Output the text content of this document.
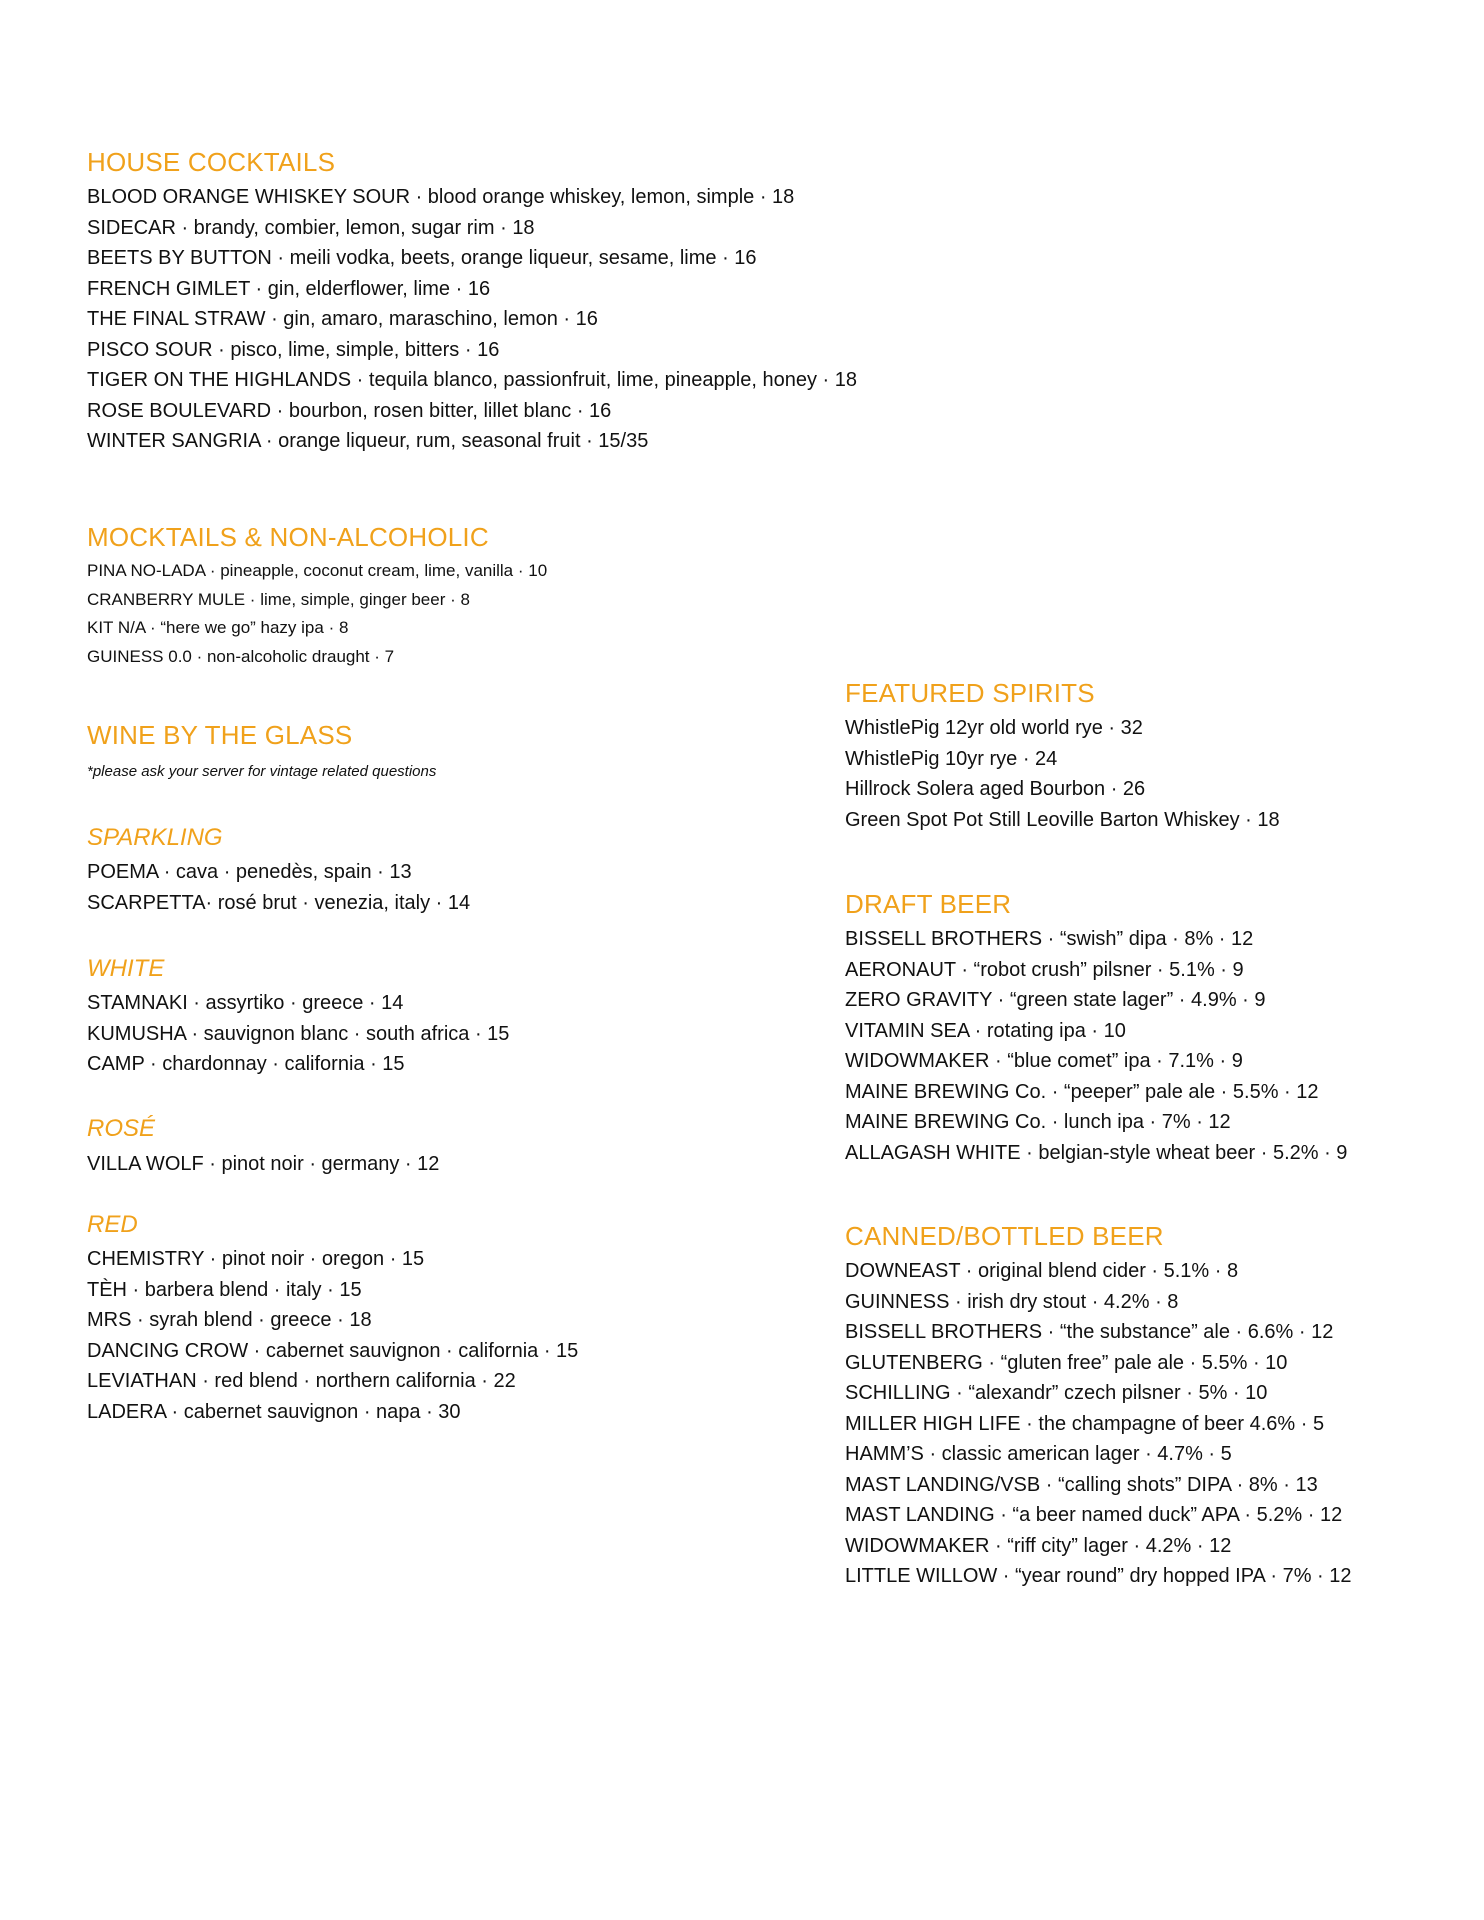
HOUSE COCKTAILS
BLOOD ORANGE WHISKEY SOUR · blood orange whiskey, lemon, simple · 18
SIDECAR · brandy, combier, lemon, sugar rim · 18
BEETS BY BUTTON · meili vodka, beets, orange liqueur, sesame, lime · 16
FRENCH GIMLET · gin, elderflower, lime · 16
THE FINAL STRAW · gin, amaro, maraschino, lemon · 16
PISCO SOUR · pisco, lime, simple, bitters · 16
TIGER ON THE HIGHLANDS · tequila blanco, passionfruit, lime, pineapple, honey · 18
ROSE BOULEVARD · bourbon, rosen bitter, lillet blanc · 16
WINTER SANGRIA · orange liqueur, rum, seasonal fruit · 15/35
MOCKTAILS & NON-ALCOHOLIC
PINA NO-LADA · pineapple, coconut cream, lime, vanilla · 10
CRANBERRY MULE · lime, simple, ginger beer · 8
KIT N/A · “here we go” hazy ipa · 8
GUINESS 0.0 · non-alcoholic draught · 7
WINE BY THE GLASS

*please ask your server for vintage related questions

SPARKLING
POEMA · cava · penedès, spain · 13
SCARPETTA· rosé brut · venezia, italy · 14
WHITE
STAMNAKI · assyrtiko · greece · 14
KUMUSHA · sauvignon blanc · south africa · 15
CAMP · chardonnay · california · 15
ROSÉ
VILLA WOLF · pinot noir · germany · 12
RED
CHEMISTRY · pinot noir · oregon · 15
TÈH · barbera blend · italy · 15
MRS · syrah blend · greece · 18
DANCING CROW · cabernet sauvignon · california · 15
LEVIATHAN · red blend · northern california · 22
LADERA · cabernet sauvignon · napa · 30
FEATURED SPIRITS
WhistlePig 12yr old world rye · 32
WhistlePig 10yr rye · 24
Hillrock Solera aged Bourbon · 26
Green Spot Pot Still Leoville Barton Whiskey · 18
DRAFT BEER
BISSELL BROTHERS · “swish” dipa · 8% · 12
AERONAUT · “robot crush” pilsner · 5.1% · 9
ZERO GRAVITY · “green state lager” · 4.9% · 9
VITAMIN SEA · rotating ipa · 10
WIDOWMAKER · “blue comet” ipa · 7.1% · 9
MAINE BREWING Co. · “peeper” pale ale · 5.5% · 12
MAINE BREWING Co. · lunch ipa · 7% · 12
ALLAGASH WHITE · belgian-style wheat beer · 5.2% · 9
CANNED/BOTTLED BEER
DOWNEAST · original blend cider · 5.1% · 8
GUINNESS · irish dry stout · 4.2% · 8
BISSELL BROTHERS · “the substance” ale · 6.6% · 12
GLUTENBERG · “gluten free” pale ale · 5.5% · 10
SCHILLING · “alexandr” czech pilsner · 5% · 10
MILLER HIGH LIFE · the champagne of beer 4.6% · 5
HAMM’S · classic american lager · 4.7% · 5
MAST LANDING/VSB · “calling shots” DIPA · 8% · 13
MAST LANDING · “a beer named duck” APA · 5.2% · 12
WIDOWMAKER · “riff city” lager · 4.2% · 12
LITTLE WILLOW · “year round” dry hopped IPA · 7% · 12
